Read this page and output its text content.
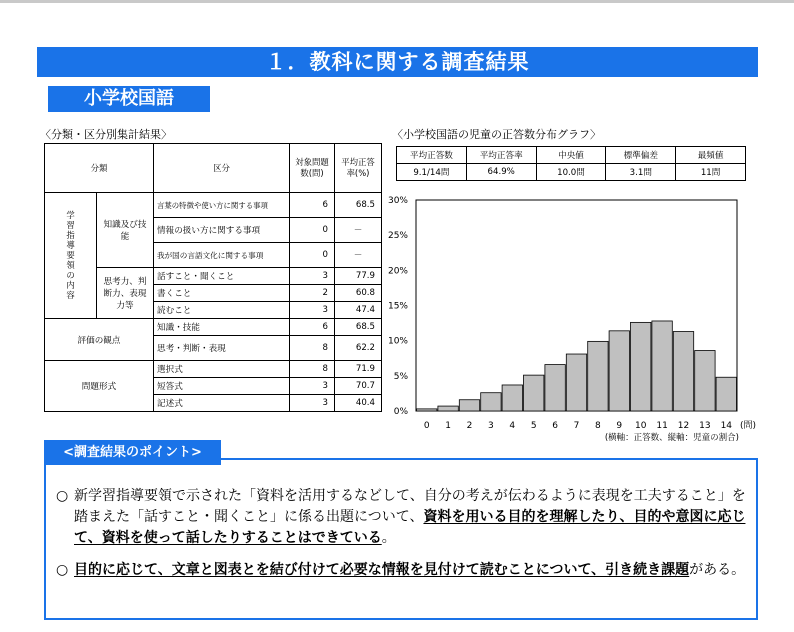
１．教科に関する調査結果
小学校国語
〈分類・区分別集計結果〉
分類		区分	対象問題数(問)	平均正答率(%)
学習指導要領の内容	知識及び技能	言葉の特徴や使い方に関する事項	6	68.5
		情報の扱い方に関する事項	0	－
		我が国の言語文化に関する事項	0	－
	思考力、判断力、表現力等	話すこと・聞くこと	3	77.9
		書くこと	2	60.8
		読むこと	3	47.4
評価の観点		知識・技能	6	68.5
		思考・判断・表現	8	62.2
問題形式		選択式	8	71.9
		短答式	3	70.7
		記述式	3	40.4
〈小学校国語の児童の正答数分布グラフ〉
平均正答数	平均正答率	中央値	標準偏差	最頻値
9.1/14問	64.9%	10.0問	3.1問	11問
0%
5%
10%
15%
20%
25%
30%
0 1 2 3 4 5 6 7 8 9 10 11 12 13 14 (問)
(横軸：正答数、縦軸：児童の割合)
○ 新学習指導要領で示された「資料を活用するなどして、自分の考えが伝わるように表現を工夫すること」を踏まえた「話すこと・聞くこと」に係る出題について、資料を用いる目的を理解したり、目的や意図に応じて、資料を使って話したりすることはできている。
○ 目的に応じて、文章と図表とを結び付けて必要な情報を見付けて読むことについて、引き続き課題がある。
<調査結果のポイント>
